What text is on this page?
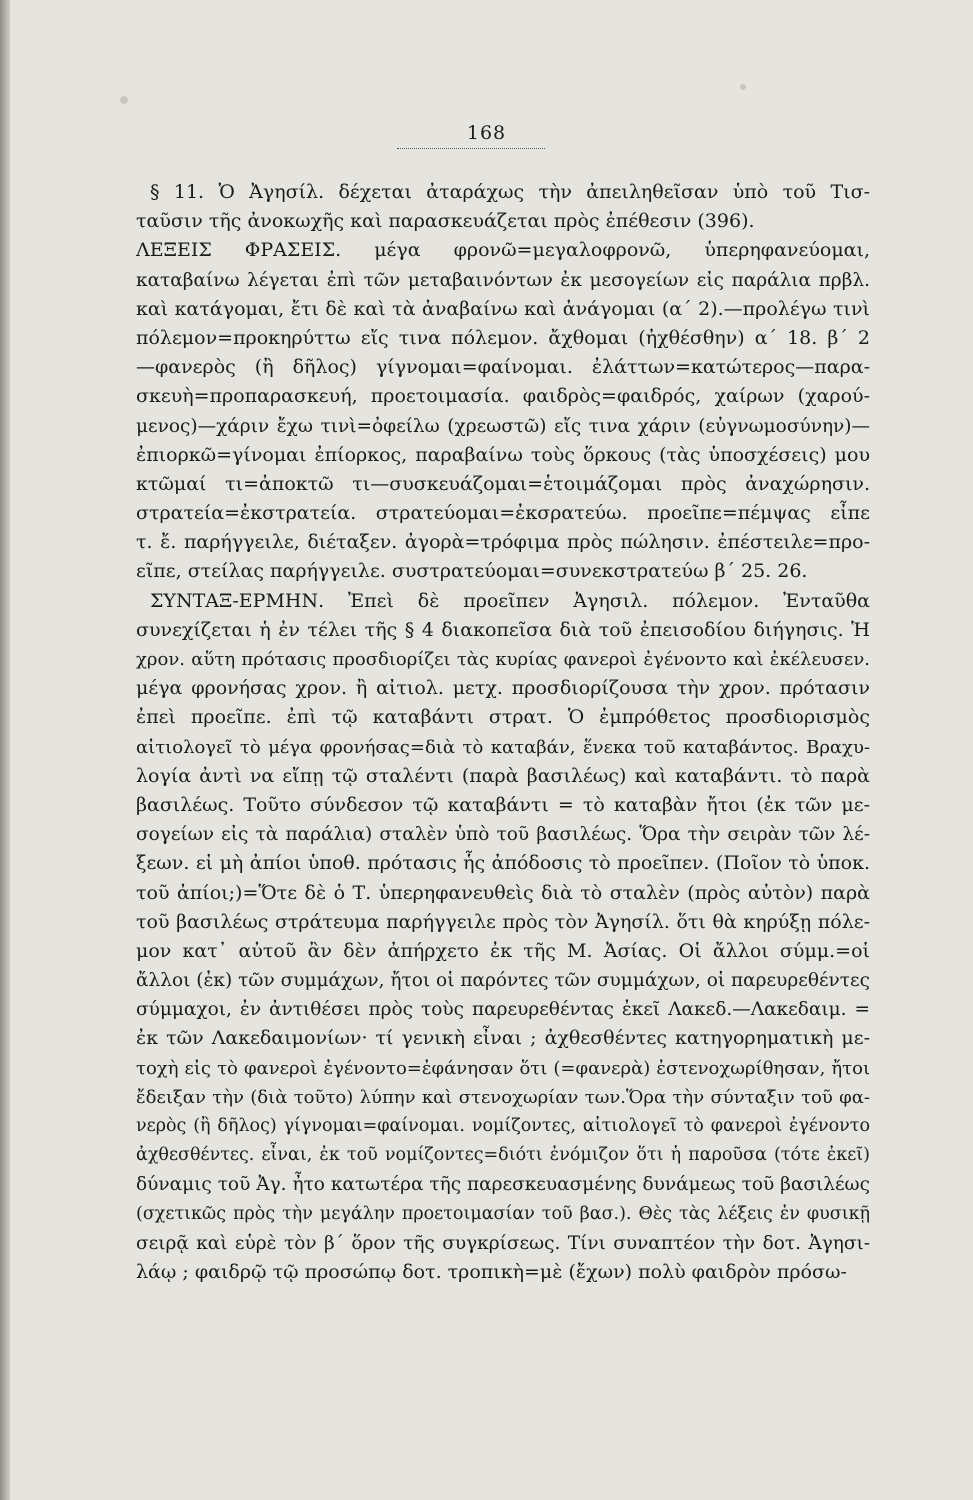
168
§ 11. Ὁ Ἀγησίλ. δέχεται ἀταράχως τὴν ἀπειληθεῖσαν ὑπὸ τοῦ Τισ-
ταῦσιν τῆς ἀνοκωχῆς καὶ παρασκευάζεται πρὸς ἐπέθεσιν (396).
ΛΕΞΕΙΣ ΦΡΑΣΕΙΣ. μέγα φρονῶ=μεγαλοφρονῶ, ὑπερηφανεύομαι,
καταβαίνω λέγεται ἐπὶ τῶν μεταβαινόντων ἐκ μεσογείων εἰς παράλια πρβλ.
καὶ κατάγομαι, ἔτι δὲ καὶ τὰ ἀναβαίνω καὶ ἀνάγομαι (α΄ 2).—προλέγω τινὶ
πόλεμον=προκηρύττω εἴς τινα πόλεμον. ἄχθομαι (ἠχθέσθην) α΄ 18. β΄ 2
—φανερὸς (ἢ δῆλος) γίγνομαι=φαίνομαι. ἐλάττων=κατώτερος—παρα-
σκευὴ=προπαρασκευή, προετοιμασία. φαιδρὸς=φαιδρός, χαίρων (χαρού-
μενος)—χάριν ἔχω τινὶ=ὀφείλω (χρεωστῶ) εἴς τινα χάριν (εὐγνωμοσύνην)—
ἐπιορκῶ=γίνομαι ἐπίορκος, παραβαίνω τοὺς ὅρκους (τὰς ὑποσχέσεις) μου
κτῶμαί τι=ἀποκτῶ τι—συσκευάζομαι=ἑτοιμάζομαι πρὸς ἀναχώρησιν.
στρατεία=ἐκστρατεία. στρατεύομαι=ἐκσρατεύω. προεῖπε=πέμψας εἶπε
τ. ἔ. παρήγγειλε, διέταξεν. ἀγορὰ=τρόφιμα πρὸς πώλησιν. ἐπέστειλε=προ-
εῖπε, στείλας παρήγγειλε. συστρατεύομαι=συνεκστρατεύω β΄ 25. 26.
ΣΥΝΤΑΞ-ΕΡΜΗΝ. Ἐπεὶ δὲ προεῖπεν Ἀγησιλ. πόλεμον. Ἐνταῦθα
συνεχίζεται ἡ ἐν τέλει τῆς § 4 διακοπεῖσα διὰ τοῦ ἐπεισοδίου διήγησις. Ἡ
χρον. αὕτη πρότασις προσδιορίζει τὰς κυρίας φανεροὶ ἐγένοντο καὶ ἐκέλευσεν.
μέγα φρονήσας χρον. ἢ αἰτιολ. μετχ. προσδιορίζουσα τὴν χρον. πρότασιν
ἐπεὶ προεῖπε. ἐπὶ τῷ καταβάντι στρατ. Ὁ ἐμπρόθετος προσδιορισμὸς
αἰτιολογεῖ τὸ μέγα φρονήσας=διὰ τὸ καταβάν, ἕνεκα τοῦ καταβάντος. Βραχυ-
λογία ἀντὶ να εἴπῃ τῷ σταλέντι (παρὰ βασιλέως) καὶ καταβάντι. τὸ παρὰ
βασιλέως. Τοῦτο σύνδεσον τῷ καταβάντι = τὸ καταβὰν ἤτοι (ἐκ τῶν με-
σογείων εἰς τὰ παράλια) σταλὲν ὑπὸ τοῦ βασιλέως. Ὅρα τὴν σειρὰν τῶν λέ-
ξεων. εἰ μὴ ἀπίοι ὑποθ. πρότασις ἧς ἀπόδοσις τὸ προεῖπεν. (Ποῖον τὸ ὑποκ.
τοῦ ἀπίοι;)=Ὅτε δὲ ὁ Τ. ὑπερηφανευθεὶς διὰ τὸ σταλὲν (πρὸς αὐτὸν) παρὰ
τοῦ βασιλέως στράτευμα παρήγγειλε πρὸς τὸν Ἀγησίλ. ὅτι θὰ κηρύξῃ πόλε-
μον κατ᾽ αὐτοῦ ἂν δὲν ἀπήρχετο ἐκ τῆς Μ. Ἀσίας. Οἱ ἄλλοι σύμμ.=οἱ
ἄλλοι (ἐκ) τῶν συμμάχων, ἤτοι οἱ παρόντες τῶν συμμάχων, οἱ παρευρεθέντες
σύμμαχοι, ἐν ἀντιθέσει πρὸς τοὺς παρευρεθέντας ἐκεῖ Λακεδ.—Λακεδαιμ. =
ἐκ τῶν Λακεδαιμονίων· τί γενικὴ εἶναι ; ἀχθεσθέντες κατηγορηματικὴ με-
τοχὴ εἰς τὸ φανεροὶ ἐγένοντο=ἐφάνησαν ὅτι (=φανερὰ) ἐστενοχωρίθησαν, ἤτοι
ἔδειξαν τὴν (διὰ τοῦτο) λύπην καὶ στενοχωρίαν των.Ὅρα τὴν σύνταξιν τοῦ φα-
νερὸς (ἢ δῆλος) γίγνομαι=φαίνομαι. νομίζοντες, αἰτιολογεῖ τὸ φανεροὶ ἐγένοντο
ἀχθεσθέντες. εἶναι, ἐκ τοῦ νομίζοντες=διότι ἐνόμιζον ὅτι ἡ παροῦσα (τότε ἐκεῖ)
δύναμις τοῦ Ἀγ. ἦτο κατωτέρα τῆς παρεσκευασμένης δυνάμεως τοῦ βασιλέως
(σχετικῶς πρὸς τὴν μεγάλην προετοιμασίαν τοῦ βασ.). Θὲς τὰς λέξεις ἐν φυσικῇ
σειρᾷ καὶ εὑρὲ τὸν β΄ ὅρον τῆς συγκρίσεως. Τίνι συναπτέον τὴν δοτ. Ἀγησι-
λάῳ ; φαιδρῷ τῷ προσώπῳ δοτ. τροπικὴ=μὲ (ἔχων) πολὺ φαιδρὸν πρόσω-
